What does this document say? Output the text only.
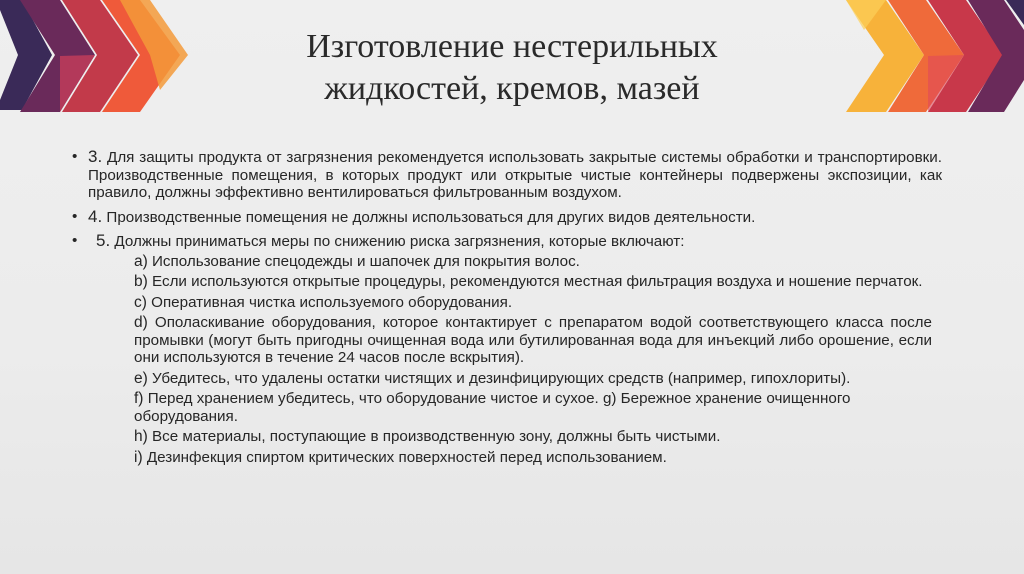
Изготовление нестерильных
жидкостей, кремов, мазей
• 3. Для защиты продукта от загрязнения рекомендуется использовать закрытые системы обработки и транспортировки. Производственные помещения, в которых продукт или открытые чистые контейнеры подвержены экспозиции, как правило, должны эффективно вентилироваться фильтрованным воздухом.
• 4. Производственные помещения не должны использоваться для других видов деятельности.
• 5. Должны приниматься меры по снижению риска загрязнения, которые включают:
a) Использование спецодежды и шапочек для покрытия волос.
b) Если используются открытые процедуры, рекомендуются местная фильтрация воздуха и ношение перчаток.
c) Оперативная чистка используемого оборудования.
d) Ополаскивание оборудования, которое контактирует с препаратом водой соответствующего класса после промывки (могут быть пригодны очищенная вода или бутилированная вода для инъекций либо орошение, если они используются в течение 24 часов после вскрытия).
e) Убедитесь, что удалены остатки чистящих и дезинфицирующих средств (например, гипохлориты).
f) Перед хранением убедитесь, что оборудование чистое и сухое. g) Бережное хранение очищенного оборудования.
h) Все материалы, поступающие в производственную зону, должны быть чистыми.
i) Дезинфекция спиртом критических поверхностей перед использованием.
